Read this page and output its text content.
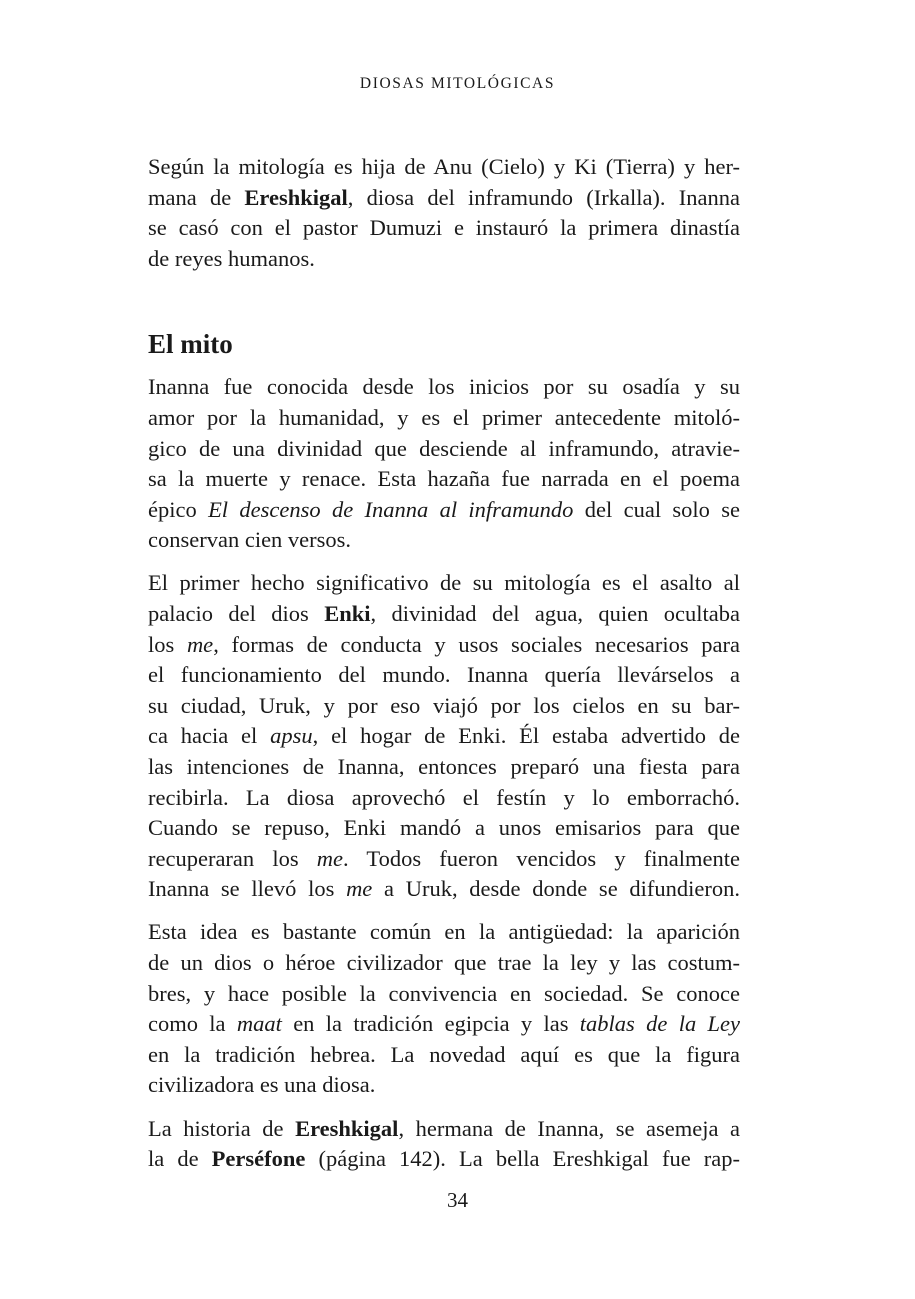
DIOSAS MITOLÓGICAS

Según la mitología es hija de Anu (Cielo) y Ki (Tierra) y her-
mana de Ereshkigal, diosa del inframundo (Irkalla). Inanna
se casó con el pastor Dumuzi e instauró la primera dinastía
de reyes humanos.

El mito

Inanna fue conocida desde los inicios por su osadía y su
amor por la humanidad, y es el primer antecedente mitoló-
gico de una divinidad que desciende al inframundo, atravie-
sa la muerte y renace. Esta hazaña fue narrada en el poema
épico El descenso de Inanna al inframundo del cual solo se
conservan cien versos.

El primer hecho significativo de su mitología es el asalto al
palacio del dios Enki, divinidad del agua, quien ocultaba
los me, formas de conducta y usos sociales necesarios para
el funcionamiento del mundo. Inanna quería llevárselos a
su ciudad, Uruk, y por eso viajó por los cielos en su bar-
ca hacia el apsu, el hogar de Enki. Él estaba advertido de
las intenciones de Inanna, entonces preparó una fiesta para
recibirla. La diosa aprovechó el festín y lo emborrachó.
Cuando se repuso, Enki mandó a unos emisarios para que
recuperaran los me. Todos fueron vencidos y finalmente
Inanna se llevó los me a Uruk, desde donde se difundieron.

Esta idea es bastante común en la antigüedad: la aparición
de un dios o héroe civilizador que trae la ley y las costum-
bres, y hace posible la convivencia en sociedad. Se conoce
como la maat en la tradición egipcia y las tablas de la Ley
en la tradición hebrea. La novedad aquí es que la figura
civilizadora es una diosa.

La historia de Ereshkigal, hermana de Inanna, se asemeja a
la de Perséfone (página 142). La bella Ereshkigal fue rap-

34
